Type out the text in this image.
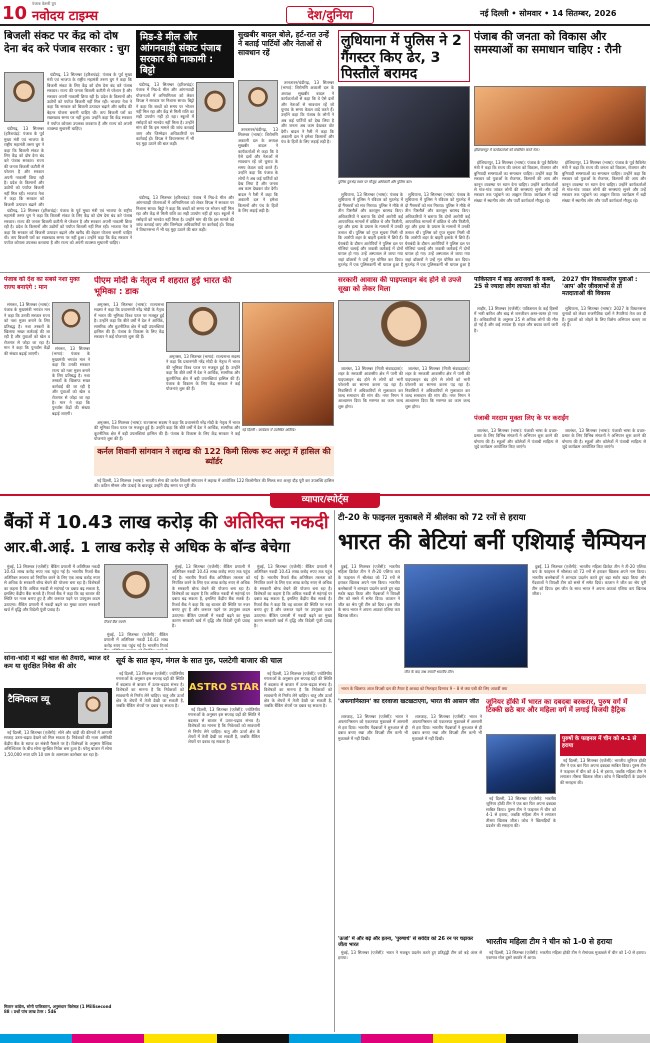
10 पंजाब केसरी ग्रुप
नवोदय टाइम्स	देश/दुनिया	नई दिल्ली • सोमवार • 14 सितम्बर, 2026
बिजली संकट पर केंद्र को दोष देना बंद करे पंजाब सरकार : चुग

चंडीगढ़, 13 सितम्बर (हरिशचंद्र): पंजाब के पूर्व मुख्य मंत्री एवं भाजपा के राष्ट्रीय महामंत्री तरुण चुग ने कहा कि बिजली संकट के लिए केंद्र को दोष देना बंद करे पंजाब सरकार। राज्य की जनता बिजली कटौती से परेशान है और सरकार अपनी नाकामी छिपा रही है। प्रदेश के किसानों और उद्योगों को पर्याप्त बिजली नहीं मिल रही। भाजपा नेता ने कहा कि सरकार को बिजली उत्पादन बढ़ाने और खरीद की बेहतर योजना बनानी चाहिए थी। ताप बिजली घरों का रखरखाव समय पर नहीं हुआ। उन्होंने कहा कि केंद्र सरकार ने पर्याप्त कोयला उपलब्ध करवाया है और राज्य को अपनी व्यवस्था सुधारनी चाहिए।

चंडीगढ़, 13 सितम्बर (हरिशचंद्र): पंजाब के पूर्व मुख्य मंत्री एवं भाजपा के राष्ट्रीय महामंत्री तरुण चुग ने कहा कि बिजली संकट के लिए केंद्र को दोष देना बंद करे पंजाब सरकार। राज्य की जनता बिजली कटौती से परेशान है और सरकार अपनी नाकामी छिपा रही है। प्रदेश के किसानों और उद्योगों को पर्याप्त बिजली नहीं मिल रही। भाजपा नेता ने कहा कि सरकार को बिजली उत्पादन बढ़ाने और

चंडीगढ़, 13 सितम्बर (हरिशचंद्र): पंजाब के पूर्व मुख्य मंत्री एवं भाजपा के राष्ट्रीय महामंत्री तरुण चुग ने कहा कि बिजली संकट के लिए केंद्र को दोष देना बंद करे पंजाब सरकार। राज्य की जनता बिजली कटौती से परेशान है और सरकार अपनी नाकामी छिपा रही है। प्रदेश के किसानों और उद्योगों को पर्याप्त बिजली नहीं मिल रही। भाजपा नेता ने कहा कि सरकार को बिजली उत्पादन बढ़ाने और खरीद की बेहतर योजना बनानी चाहिए थी। ताप बिजली घरों का रखरखाव समय पर नहीं हुआ। उन्होंने कहा कि केंद्र सरकार ने पर्याप्त कोयला उपलब्ध करवाया है और राज्य को अपनी व्यवस्था सुधारनी चाहिए।

मिड-डे मील और आंगनवाड़ी संकट पंजाब सरकार की नाकामी : बिट्टो

चंडीगढ़, 13 सितम्बर (हरिशचंद्र): पंजाब में मिड-डे मील और आंगनवाड़ी योजनाओं में अनियमितता को लेकर विपक्ष ने सरकार पर निशाना साधा। बिट्टो ने कहा कि बच्चों को समय पर भोजन नहीं मिल रहा और केंद्र से मिली राशि का सही उपयोग नहीं हो रहा। स्कूलों में रसोइयों को मानदेय नहीं मिला है। उन्होंने मांग की कि इस मामले की जांच करवाई जाए और जिम्मेदार अधिकारियों पर कार्रवाई हो। विपक्ष ने विधानसभा में भी यह मुद्दा उठाने की बात कही।

चंडीगढ़, 13 सितम्बर (हरिशचंद्र): पंजाब में मिड-डे मील और आंगनवाड़ी योजनाओं में अनियमितता को लेकर विपक्ष ने सरकार पर निशाना साधा। बिट्टो ने कहा कि बच्चों को समय पर भोजन नहीं मिल रहा और केंद्र से मिली राशि का सही उपयोग नहीं हो रहा। स्कूलों में रसोइयों को मानदेय नहीं मिला है। उन्होंने मांग की कि इस मामले की जांच करवाई जाए और जिम्मेदार अधिकारियों पर कार्रवाई हो। विपक्ष ने विधानसभा में भी यह मुद्दा उठाने की बात कही।

सुखबीर बादल बोले, हर्ट-रात उन्हें ने बताई पार्टियों और नेताओं से सावधान रहें

तरनतारन/चंडीगढ़, 13 सितम्बर (भाषा): शिरोमणि अकाली दल के अध्यक्ष सुखबीर बादल ने कार्यकर्ताओं से कहा कि वे ऐसे दलों और नेताओं से सावधान रहें जो चुनाव के समय केवल वादे करते हैं। उन्होंने कहा कि पंजाब के लोगों ने अब कई पार्टियों को देख लिया है और जनता अब काम देखकर वोट देगी। बादल ने रैली में कहा कि अकाली दल ने हमेशा किसानों और पंथ के हितों के लिए लड़ाई लड़ी है।

तरनतारन/चंडीगढ़, 13 सितम्बर (भाषा): शिरोमणि अकाली दल के अध्यक्ष सुखबीर बादल ने कार्यकर्ताओं से कहा कि वे ऐसे दलों और नेताओं से सावधान रहें जो चुनाव के समय केवल वादे करते हैं। उन्होंने कहा कि पंजाब के लोगों ने अब कई पार्टियों को देख लिया है और जनता अब काम देखकर वोट देगी। बादल ने रैली में कहा कि अकाली दल ने हमेशा किसानों और पंथ के हितों के लिए लड़ाई लड़ी है।

लुधियाना में पुलिस ने 2 गैंगस्टर किए ढेर, 3 पिस्तौलें बरामद
पुलिस मुठभेड़ स्थल पर मौजूद अधिकारी और पुलिस बल।

लुधियाना, 13 सितम्बर (भाषा): पंजाब के लुधियाना में पुलिस ने रविवार को मुठभेड़ में दो गैंगस्टरों को मार गिराया। पुलिस ने मौके से तीन पिस्तौलें और कारतूस बरामद किए। अधिकारियों ने बताया कि दोनों आरोपी कई आपराधिक मामलों में वांछित थे और फिरौती, लूट और हत्या के प्रयास के मामलों में उनकी तलाश थी। पुलिस को गुप्त सूचना मिली थी कि आरोपी शहर के बाहरी इलाके में छिपे हैं। घेराबंदी के दौरान आरोपियों ने पुलिस दल पर गोलियां चलाईं और जवाबी कार्रवाई में दोनों घायल हो गए। उन्हें अस्पताल ले जाया गया जहां डॉक्टरों ने उन्हें मृत घोषित कर दिया। मुठभेड़ में एक पुलिसकर्मी भी घायल हुआ है

लुधियाना, 13 सितम्बर (भाषा): पंजाब के लुधियाना में पुलिस ने रविवार को मुठभेड़ में दो गैंगस्टरों को मार गिराया। पुलिस ने मौके से तीन पिस्तौलें और कारतूस बरामद किए। अधिकारियों ने बताया कि दोनों आरोपी कई आपराधिक मामलों में वांछित थे और फिरौती, लूट और हत्या के प्रयास के मामलों में उनकी तलाश थी। पुलिस को गुप्त सूचना मिली थी कि आरोपी शहर के बाहरी इलाके में छिपे हैं। घेराबंदी के दौरान आरोपियों ने पुलिस दल पर गोलियां चलाईं और जवाबी कार्रवाई में दोनों घायल हो गए। उन्हें अस्पताल ले जाया गया जहां डॉक्टरों ने उन्हें मृत घोषित कर दिया। मुठभेड़ में एक पुलिसकर्मी भी घायल हुआ है

पंजाब की जनता को विकास और समस्याओं का समाधान चाहिए : रौनी
होशियारपुर में कार्यकर्ताओं को संबोधित करते नेता।

होशियारपुर, 13 सितम्बर (भाषा): पंजाब के पूर्व कैबिनेट मंत्री ने कहा कि राज्य की जनता को विकास, रोजगार और बुनियादी समस्याओं का समाधान चाहिए। उन्होंने कहा कि सरकार को युवाओं के रोजगार, किसानों की आय और कानून व्यवस्था पर ध्यान देना चाहिए। उन्होंने कार्यकर्ताओं से गांव-गांव जाकर लोगों की समस्याएं सुनने और उन्हें सरकार तक पहुंचाने का आह्वान किया। कार्यक्रम में बड़ी संख्या में स्थानीय लोग और पार्टी कार्यकर्ता मौजूद रहे।

होशियारपुर, 13 सितम्बर (भाषा): पंजाब के पूर्व कैबिनेट मंत्री ने कहा कि राज्य की जनता को विकास, रोजगार और बुनियादी समस्याओं का समाधान चाहिए। उन्होंने कहा कि सरकार को युवाओं के रोजगार, किसानों की आय और कानून व्यवस्था पर ध्यान देना चाहिए। उन्होंने कार्यकर्ताओं से गांव-गांव जाकर लोगों की समस्याएं सुनने और उन्हें सरकार तक पहुंचाने का आह्वान किया। कार्यक्रम में बड़ी संख्या में स्थानीय लोग और पार्टी कार्यकर्ता मौजूद रहे।

पंजाब को देश का सबसे नशा मुक्त राज्य बनाएंगे : मान

संगरूर, 13 सितम्बर (भाषा): पंजाब के मुख्यमंत्री भगवंत मान ने कहा कि उनकी सरकार राज्य को नशा मुक्त बनाने के लिए प्रतिबद्ध है। नशा तस्करों के खिलाफ सख्त कार्रवाई की जा रही है और युवाओं को खेल व रोजगार से जोड़ा जा रहा है। मान ने कहा कि पुनर्वास केंद्रों की संख्या बढ़ाई जाएगी।

संगरूर, 13 सितम्बर (भाषा): पंजाब के मुख्यमंत्री भगवंत मान ने कहा कि उनकी सरकार राज्य को नशा मुक्त बनाने के लिए प्रतिबद्ध है। नशा तस्करों के खिलाफ सख्त कार्रवाई की जा रही है और युवाओं को खेल व रोजगार से जोड़ा जा रहा है। मान ने कहा कि पुनर्वास केंद्रों की संख्या बढ़ाई जाएगी।

पीएम मोदी के नेतृत्व में शहरात हुई भारत की भूमिका : डाक

अमृतसर, 13 सितम्बर (भाषा): राज्यसभा सदस्य ने कहा कि प्रधानमंत्री नरेंद्र मोदी के नेतृत्व में भारत की भूमिका विश्व पटल पर मजबूत हुई है। उन्होंने कहा कि बीते वर्षों में देश ने आर्थिक, सामरिक और कूटनीतिक क्षेत्र में बड़ी उपलब्धियां हासिल की हैं। पंजाब के विकास के लिए केंद्र सरकार ने कई योजनाएं शुरू की हैं।

अमृतसर, 13 सितम्बर (भाषा): राज्यसभा सदस्य ने कहा कि प्रधानमंत्री नरेंद्र मोदी के नेतृत्व में भारत की भूमिका विश्व पटल पर मजबूत हुई है। उन्होंने कहा कि बीते वर्षों में देश ने आर्थिक, सामरिक और कूटनीतिक क्षेत्र में बड़ी उपलब्धियां हासिल की हैं। पंजाब के विकास के लिए केंद्र सरकार ने कई योजनाएं शुरू की हैं।

नई दिल्ली : कार्यक्रम में उपस्थित अतिथि।

अमृतसर, 13 सितम्बर (भाषा): राज्यसभा सदस्य ने कहा कि प्रधानमंत्री नरेंद्र मोदी के नेतृत्व में भारत की भूमिका विश्व पटल पर मजबूत हुई है। उन्होंने कहा कि बीते वर्षों में देश ने आर्थिक, सामरिक और कूटनीतिक क्षेत्र में बड़ी उपलब्धियां हासिल की हैं। पंजाब के विकास के लिए केंद्र सरकार ने कई योजनाएं शुरू की हैं।

कर्नल शिवानी सांगवान ने लद्दाख की 122 किमी सिल्क रूट अल्ट्रा में हासिल की ब्यॉर्डर

नई दिल्ली, 13 सितम्बर (भाषा): भारतीय सेना की कर्नल शिवानी सांगवान ने लद्दाख में आयोजित 122 किलोमीटर की सिल्क रूट अल्ट्रा दौड़ पूरी कर उपलब्धि हासिल की। कठिन मौसम और ऊंचाई के बावजूद उन्होंने दौड़ समय पर पूरी की।

सरकारी आवास की पाइपलाइन बंद होने से उपजे सूखा को लेकर मिला

जालंधर, 13 सितम्बर (निजी संवाददाता): शहर के सरकारी आवासीय क्षेत्र में पानी की पाइपलाइन बंद होने से लोगों को भारी परेशानी का सामना करना पड़ रहा है। निवासियों ने अधिकारियों से मुलाकात कर जल्द समाधान की मांग की। नगर निगम ने आश्वासन दिया कि मरम्मत का काम जल्द शुरू होगा।

जालंधर, 13 सितम्बर (निजी संवाददाता): शहर के सरकारी आवासीय क्षेत्र में पानी की पाइपलाइन बंद होने से लोगों को भारी परेशानी का सामना करना पड़ रहा है। निवासियों ने अधिकारियों से मुलाकात कर जल्द समाधान की मांग की। नगर निगम ने आश्वासन दिया कि मरम्मत का काम जल्द शुरू होगा।

पाकिस्तान में बाढ़ अराजकों के कब्जे, 25 से ज्यादा लोग लापता को मौत

लाहौर, 13 सितम्बर (एजेंसी): पाकिस्तान के कई हिस्सों में भारी बारिश और बाढ़ से जनजीवन अस्त-व्यस्त हो गया है। अधिकारियों के अनुसार 25 से अधिक लोगों की मौत हो गई है और कई लापता हैं। राहत और बचाव कार्य जारी है।

2027 चीन विकासशील युवाओं : 'आप' और जीवलाभों से तो मतदाताओं की विकास

लुधियाना, 13 सितम्बर (भाषा): 2027 के विधानसभा चुनावों को लेकर राजनीतिक दलों ने तैयारियां तेज कर दी हैं। युवाओं को जोड़ने के लिए विशेष अभियान चलाए जा रहे हैं।

पंजाबी मरदाम मुक्ता लिए के पर कराईंग

जालंधर, 13 सितम्बर (भाषा): पंजाबी भाषा के प्रचार-प्रसार के लिए विभिन्न संगठनों ने अभियान शुरू करने की घोषणा की है। स्कूलों और कॉलेजों में पंजाबी साहित्य से जुड़े कार्यक्रम आयोजित किए जाएंगे।

जालंधर, 13 सितम्बर (भाषा): पंजाबी भाषा के प्रचार-प्रसार के लिए विभिन्न संगठनों ने अभियान शुरू करने की घोषणा की है। स्कूलों और कॉलेजों में पंजाबी साहित्य से जुड़े कार्यक्रम आयोजित किए जाएंगे।

व्यापार/स्पोर्ट्स
बैंकों में 10.43 लाख करोड़ की अतिरिक्त नकदी
आर.बी.आई. 1 लाख करोड़ से अधिक के बॉन्ड बेचेगा

मुंबई, 13 सितम्बर (एजेंसी): बैंकिंग प्रणाली में अतिरिक्त नकदी 10.43 लाख करोड़ रुपए तक पहुंच गई है। भारतीय रिजर्व बैंक अतिरिक्त तरलता को नियंत्रित करने के लिए एक लाख करोड़ रुपए से अधिक के सरकारी बॉन्ड बेचने की योजना बना रहा है। विशेषज्ञों का कहना है कि अधिक नकदी से महंगाई पर दबाव बढ़ सकता है, इसलिए केंद्रीय बैंक सतर्क है। रिजर्व बैंक ने कहा कि वह बाजार की स्थिति पर नजर बनाए हुए है और जरूरत पड़ने पर उपयुक्त कदम उठाएगा। बैंकिंग प्रणाली में नकदी बढ़ने का मुख्य कारण सरकारी खर्च में वृद्धि और विदेशी पूंजी प्रवाह है।

रिजर्व बैंक गवर्नर

मुंबई, 13 सितम्बर (एजेंसी): बैंकिंग प्रणाली में अतिरिक्त नकदी 10.43 लाख करोड़ रुपए तक पहुंच गई है। भारतीय रिजर्व

मुंबई, 13 सितम्बर (एजेंसी): बैंकिंग प्रणाली में अतिरिक्त नकदी 10.43 लाख करोड़ रुपए तक पहुंच गई है। भारतीय रिजर्व बैंक अतिरिक्त तरलता को नियंत्रित करने के लिए एक लाख करोड़ रुपए से अधिक के सरकारी बॉन्ड बेचने की योजना बना रहा है। विशेषज्ञों का कहना है कि अधिक नकदी से महंगाई पर दबाव बढ़ सकता है, इसलिए केंद्रीय बैंक सतर्क है। रिजर्व बैंक ने कहा कि वह बाजार की स्थिति पर नजर बनाए हुए है और जरूरत पड़ने पर उपयुक्त कदम उठाएगा। बैंकिंग प्रणाली में नकदी बढ़ने का मुख्य कारण सरकारी खर्च में वृद्धि और विदेशी पूंजी प्रवाह है।

मुंबई, 13 सितम्बर (एजेंसी): बैंकिंग प्रणाली में अतिरिक्त नकदी 10.43 लाख करोड़ रुपए तक पहुंच गई है। भारतीय रिजर्व बैंक अतिरिक्त तरलता को नियंत्रित करने के लिए एक लाख करोड़ रुपए से अधिक के सरकारी बॉन्ड बेचने की योजना बना रहा है। विशेषज्ञों का कहना है कि अधिक नकदी से महंगाई पर दबाव बढ़ सकता है, इसलिए केंद्रीय बैंक सतर्क है। रिजर्व बैंक ने कहा कि वह बाजार की स्थिति पर नजर बनाए हुए है और जरूरत पड़ने पर उपयुक्त कदम उठाएगा। बैंकिंग प्रणाली में नकदी बढ़ने का मुख्य कारण सरकारी खर्च में वृद्धि और विदेशी पूंजी प्रवाह है।

सोना-चांदी में बढ़ी चाल की तैयारी, ब्याज दरें कम या सुरक्षित निवेश की ओर
टैक्निकल व्यू

नई दिल्ली, 13 सितम्बर (एजेंसी): सोने और चांदी की कीमतों में आगामी सप्ताह उतार-चढ़ाव देखने को मिल सकता है। निवेशकों की नजर अमेरिकी केंद्रीय बैंक के ब्याज दर संबंधी फैसले पर है। विशेषज्ञों के अनुसार वैश्विक अनिश्चितता के बीच सोना सुरक्षित निवेश बना हुआ है। घरेलू बाजार में सोना 1,50,000 रुपए प्रति 10 ग्राम के आसपास कारोबार कर रहा है।

मिलान कांग्रेस, सोनी पाकिस्तान, अनुसंधान विशेषज्ञ (1 Millisecond 88 । प्रश्नों पांच लाख टेलर : 546
सूर्य के सात कृप, मंगल के सात गुरु, पलटेगी बाजार की चाल

नई दिल्ली, 13 सितम्बर (एजेंसी): ज्योतिषीय गणनाओं के अनुसार इस सप्ताह ग्रहों की स्थिति में बदलाव से बाजार में उतार-चढ़ाव संभव है। विशेषज्ञों का मानना है कि निवेशकों को सावधानी से निर्णय लेने चाहिए। धातु और ऊर्जा क्षेत्र के शेयरों में तेजी देखी जा सकती है, जबकि बैंकिंग शेयरों पर दबाव रह सकता है।

ASTRO STAR

नई दिल्ली, 13 सितम्बर (एजेंसी): ज्योतिषीय गणनाओं के अनुसार इस सप्ताह ग्रहों की स्थिति में बदलाव से बाजार में उतार-चढ़ाव संभव है। विशेषज्ञों का मानना है कि निवेशकों को सावधानी से निर्णय लेने चाहिए। धातु और ऊर्जा क्षेत्र के शेयरों में तेजी देखी जा सकती है, जबकि बैंकिंग शेयरों पर दबाव रह सकता है।

नई दिल्ली, 13 सितम्बर (एजेंसी): ज्योतिषीय गणनाओं के अनुसार इस सप्ताह ग्रहों की स्थिति में बदलाव से बाजार में उतार-चढ़ाव संभव है। विशेषज्ञों का मानना है कि निवेशकों को सावधानी से निर्णय लेने चाहिए। धातु और ऊर्जा क्षेत्र के शेयरों में तेजी देखी जा सकती है, जबकि बैंकिंग शेयरों पर दबाव रह सकता है।

टी-20 के फाइनल मुकाबले में श्रीलंका को 72 रनों से हराया
भारत की बेटियां बनीं एशियाई चैम्पियन

दुबई, 13 सितम्बर (एजेंसी): भारतीय महिला क्रिकेट टीम ने टी-20 एशिया कप के फाइनल में श्रीलंका को 72 रनों से हराकर खिताब अपने नाम किया। भारतीय बल्लेबाजों ने शानदार प्रदर्शन करते हुए बड़ा स्कोर खड़ा किया और गेंदबाजों ने विपक्षी टीम को सस्ते में समेट दिया। कप्तान ने जीत का श्रेय पूरी टीम को दिया। इस जीत के साथ भारत ने अपना आठवां एशिया कप खिताब जीता।

जीत के बाद जश्न मनाती भारतीय टीम।

दुबई, 13 सितम्बर (एजेंसी): भारतीय महिला क्रिकेट टीम ने टी-20 एशिया कप के फाइनल में श्रीलंका को 72 रनों से हराकर खिताब अपने नाम किया। भारतीय बल्लेबाजों ने शानदार प्रदर्शन करते हुए बड़ा स्कोर खड़ा किया और गेंदबाजों ने विपक्षी टीम को सस्ते में समेट दिया। कप्तान ने जीत का श्रेय पूरी टीम को दिया। इस जीत के साथ भारत ने अपना आठवां एशिया कप खिताब जीता।

भारत के खिलाफ आज विपक्षी दल की तैयार है आबदा को मिलाइए दिनराव 9 – 8 से क्या एबी की लिए आठवीं क्या
'अफगानिस्तान' का दरवाजा खटखटाएगा, भारत की आसान जीत

शारजाह, 13 सितम्बर (एजेंसी): भारत ने अफगानिस्तान को एकतरफा मुकाबले में आसानी से हरा दिया। भारतीय गेंदबाजों ने शुरुआत से ही दबाव बनाए रखा और विपक्षी टीम कभी भी मुकाबले में नहीं दिखी।

शारजाह, 13 सितम्बर (एजेंसी): भारत ने अफगानिस्तान को एकतरफा मुकाबले में आसानी से हरा दिया। भारतीय गेंदबाजों ने शुरुआत से ही दबाव बनाए रखा और विपक्षी टीम कभी भी मुकाबले में नहीं दिखी।

जूनियर हॉकी में भारत का दबदबा बरकरार, पुरुष वर्ग में टिक्की छठे बार और महिला वर्ग में लगाई विजयी हैट्रिक
पुरुषों के फाइनल में चीन को 4-1 से हराया

नई दिल्ली, 13 सितम्बर (एजेंसी): भारतीय जूनियर हॉकी टीम ने एक बार फिर अपना दबदबा साबित किया। पुरुष टीम ने फाइनल में चीन को 4-1 से हराया, जबकि महिला टीम ने लगातार तीसरा खिताब जीता। कोच ने खिलाड़ियों के प्रदर्शन की सराहना की।

नई दिल्ली, 13 सितम्बर (एजेंसी): भारतीय जूनियर हॉकी टीम ने एक बार फिर अपना दबदबा साबित किया। पुरुष टीम ने फाइनल में चीन को 4-1 से हराया, जबकि महिला टीम ने लगातार तीसरा खिताब जीता। कोच ने खिलाड़ियों के प्रदर्शन की सराहना की।

'ऊर्जा' में और बढ़े और इतना, 'पुरुषार्थ' से सर्वदेव को 26 रन पर चढ़ाकर जीता भारत

मुंबई, 13 सितम्बर (एजेंसी): भारत ने मजबूत प्रदर्शन करते हुए प्रतिद्वंद्वी टीम को बड़े अंतर से हराया।

भारतीय महिला टीम ने चीन को 1-0 से हराया

नई दिल्ली, 13 सितम्बर (एजेंसी): भारतीय महिला हॉकी टीम ने रोमांचक मुकाबले में चीन को 1-0 से हराया। एकमात्र गोल दूसरे क्वार्टर में आया।
